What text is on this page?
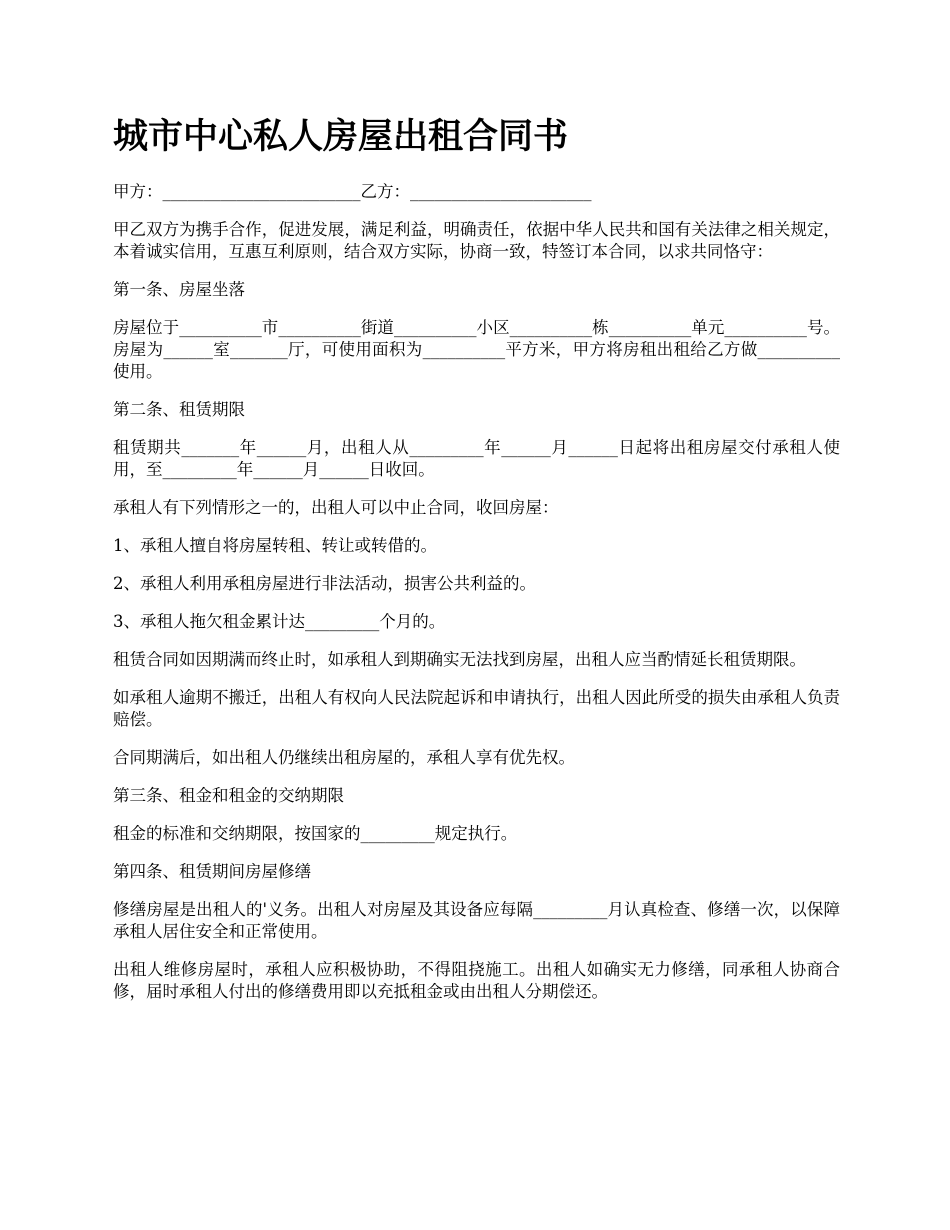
城市中心私人房屋出租合同书

甲方：________________________乙方：______________________

甲乙双方为携手合作，促进发展，满足利益，明确责任，依据中华人民共和国有关法律之相关规定，本着诚实信用，互惠互利原则，结合双方实际，协商一致，特签订本合同，以求共同恪守：

第一条、房屋坐落

房屋位于__________市__________街道__________小区__________栋__________单元__________号。房屋为______室_______厅，可使用面积为__________平方米，甲方将房租出租给乙方做__________使用。

第二条、租赁期限

租赁期共_______年______月，出租人从_________年______月______日起将出租房屋交付承租人使用，至_________年______月______日收回。

承租人有下列情形之一的，出租人可以中止合同，收回房屋：

1、承租人擅自将房屋转租、转让或转借的。

2、承租人利用承租房屋进行非法活动，损害公共利益的。

3、承租人拖欠租金累计达_________个月的。

租赁合同如因期满而终止时，如承租人到期确实无法找到房屋，出租人应当酌情延长租赁期限。

如承租人逾期不搬迁，出租人有权向人民法院起诉和申请执行，出租人因此所受的损失由承租人负责赔偿。

合同期满后，如出租人仍继续出租房屋的，承租人享有优先权。

第三条、租金和租金的交纳期限

租金的标准和交纳期限，按国家的_________规定执行。

第四条、租赁期间房屋修缮

修缮房屋是出租人的'义务。出租人对房屋及其设备应每隔_________月认真检查、修缮一次，以保障承租人居住安全和正常使用。

出租人维修房屋时，承租人应积极协助，不得阻挠施工。出租人如确实无力修缮，同承租人协商合修，届时承租人付出的修缮费用即以充抵租金或由出租人分期偿还。
